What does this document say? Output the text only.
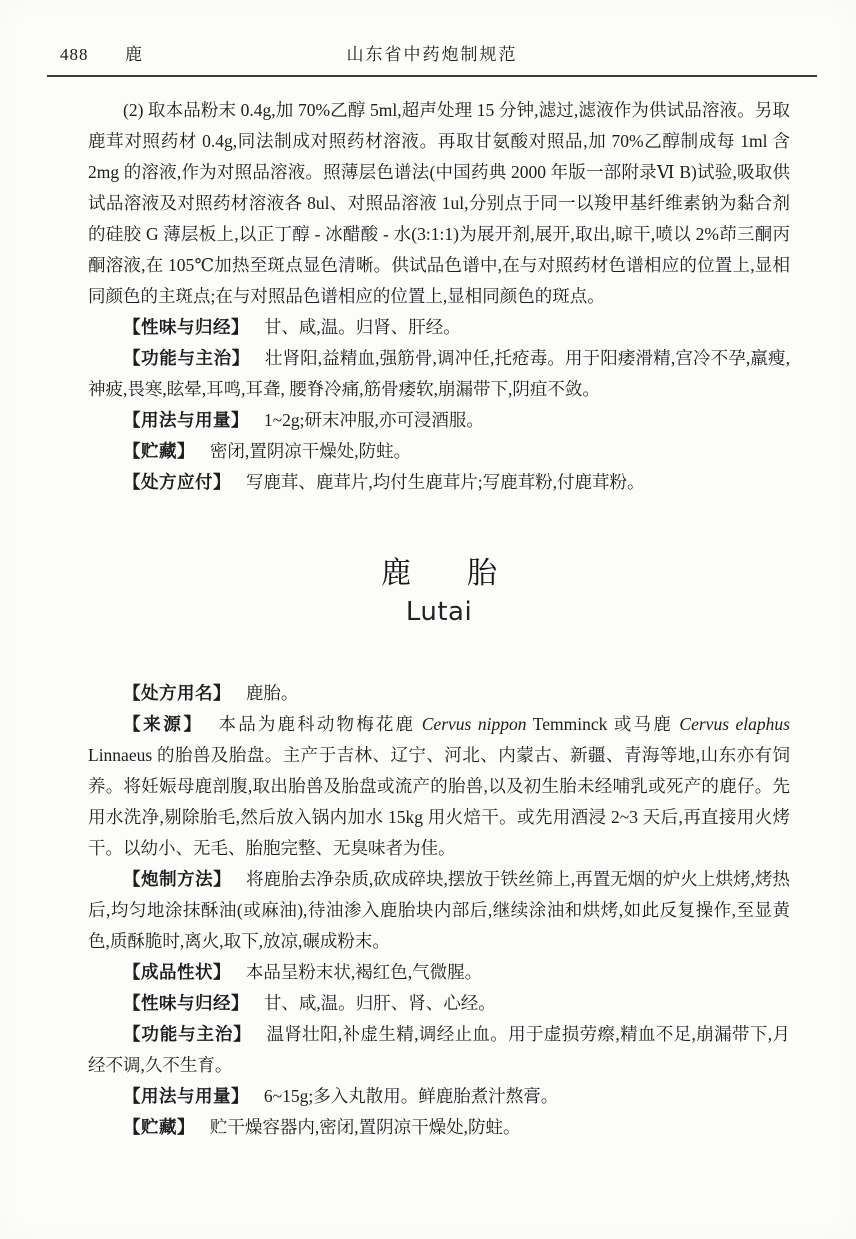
488 鹿	山东省中药炮制规范

(2) 取本品粉末 0.4g,加 70%乙醇 5ml,超声处理 15 分钟,滤过,滤液作为供试品溶液。另取鹿茸对照药材 0.4g,同法制成对照药材溶液。再取甘氨酸对照品,加 70%乙醇制成每 1ml 含 2mg 的溶液,作为对照品溶液。照薄层色谱法(中国药典 2000 年版一部附录Ⅵ B)试验,吸取供试品溶液及对照药材溶液各 8ul、对照品溶液 1ul,分别点于同一以羧甲基纤维素钠为黏合剂的硅胶 G 薄层板上,以正丁醇 - 冰醋酸 - 水(3:1:1)为展开剂,展开,取出,晾干,喷以 2%茚三酮丙酮溶液,在 105℃加热至斑点显色清晰。供试品色谱中,在与对照药材色谱相应的位置上,显相同颜色的主斑点;在与对照品色谱相应的位置上,显相同颜色的斑点。

【性味与归经】 甘、咸,温。归肾、肝经。

【功能与主治】 壮肾阳,益精血,强筋骨,调冲任,托疮毒。用于阳痿滑精,宫冷不孕,羸瘦,神疲,畏寒,眩晕,耳鸣,耳聋, 腰脊冷痛,筋骨痿软,崩漏带下,阴疽不敛。

【用法与用量】 1~2g;研末冲服,亦可浸酒服。

【贮藏】 密闭,置阴凉干燥处,防蛀。

【处方应付】 写鹿茸、鹿茸片,均付生鹿茸片;写鹿茸粉,付鹿茸粉。

鹿 胎
Lutai

【处方用名】 鹿胎。

【来源】 本品为鹿科动物梅花鹿 Cervus nippon Temminck 或马鹿 Cervus elaphus Linnaeus 的胎兽及胎盘。主产于吉林、辽宁、河北、内蒙古、新疆、青海等地,山东亦有饲养。将妊娠母鹿剖腹,取出胎兽及胎盘或流产的胎兽,以及初生胎未经哺乳或死产的鹿仔。先用水洗净,剔除胎毛,然后放入锅内加水 15kg 用火焙干。或先用酒浸 2~3 天后,再直接用火烤干。以幼小、无毛、胎胞完整、无臭味者为佳。

【炮制方法】 将鹿胎去净杂质,砍成碎块,摆放于铁丝筛上,再置无烟的炉火上烘烤,烤热后,均匀地涂抹酥油(或麻油),待油渗入鹿胎块内部后,继续涂油和烘烤,如此反复操作,至显黄色,质酥脆时,离火,取下,放凉,碾成粉末。

【成品性状】 本品呈粉末状,褐红色,气微腥。

【性味与归经】 甘、咸,温。归肝、肾、心经。

【功能与主治】 温肾壮阳,补虚生精,调经止血。用于虚损劳瘵,精血不足,崩漏带下,月经不调,久不生育。

【用法与用量】 6~15g;多入丸散用。鲜鹿胎煮汁熬膏。

【贮藏】 贮干燥容器内,密闭,置阴凉干燥处,防蛀。
